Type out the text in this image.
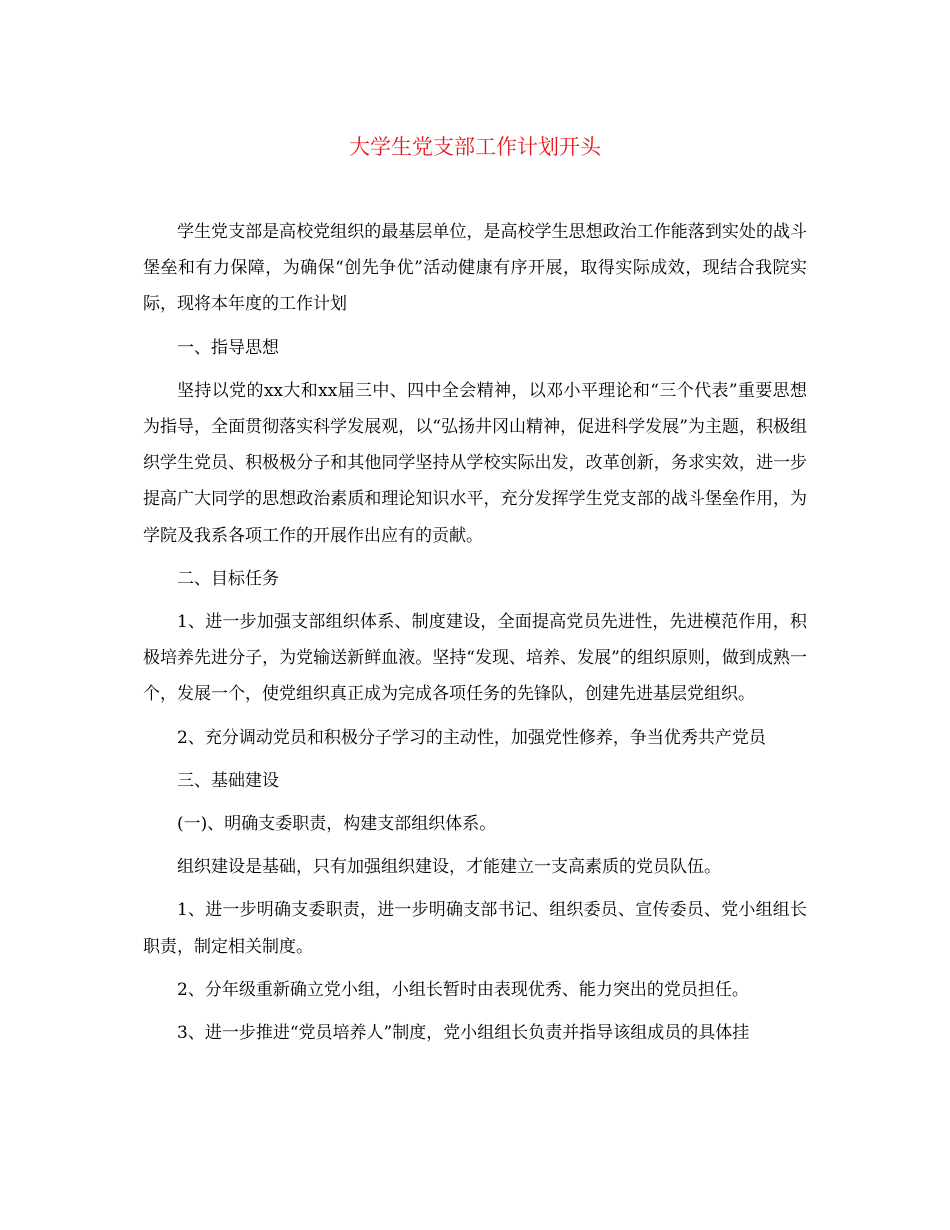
大学生党支部工作计划开头

学生党支部是高校党组织的最基层单位，是高校学生思想政治工作能落到实处的战斗堡垒和有力保障，为确保“创先争优”活动健康有序开展，取得实际成效，现结合我院实际，现将本年度的工作计划

一、指导思想

坚持以党的xx大和xx届三中、四中全会精神，以邓小平理论和“三个代表”重要思想为指导，全面贯彻落实科学发展观，以“弘扬井冈山精神，促进科学发展”为主题，积极组织学生党员、积极极分子和其他同学坚持从学校实际出发，改革创新，务求实效，进一步提高广大同学的思想政治素质和理论知识水平，充分发挥学生党支部的战斗堡垒作用，为学院及我系各项工作的开展作出应有的贡献。

二、目标任务

1、进一步加强支部组织体系、制度建设，全面提高党员先进性，先进模范作用，积极培养先进分子，为党输送新鲜血液。坚持“发现、培养、发展”的组织原则，做到成熟一个，发展一个，使党组织真正成为完成各项任务的先锋队，创建先进基层党组织。

2、充分调动党员和积极分子学习的主动性，加强党性修养，争当优秀共产党员

三、基础建设

(一)、明确支委职责，构建支部组织体系。

组织建设是基础，只有加强组织建设，才能建立一支高素质的党员队伍。

1、进一步明确支委职责，进一步明确支部书记、组织委员、宣传委员、党小组组长职责，制定相关制度。

2、分年级重新确立党小组，小组长暂时由表现优秀、能力突出的党员担任。

3、进一步推进“党员培养人”制度，党小组组长负责并指导该组成员的具体挂
